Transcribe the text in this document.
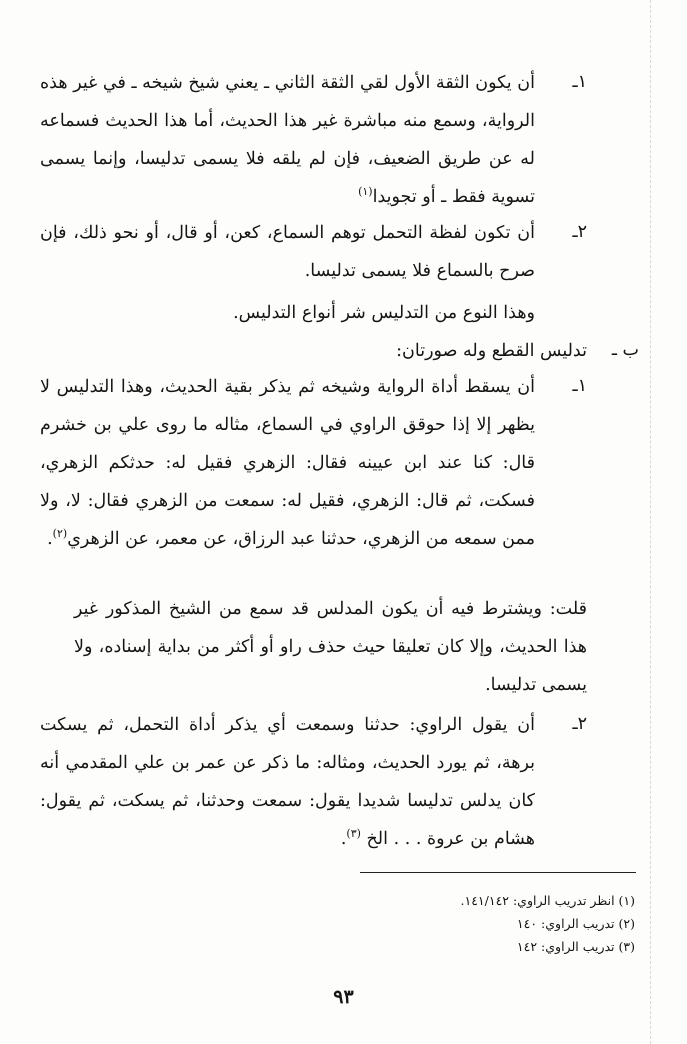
١ـ
أن يكون الثقة الأول لقي الثقة الثاني ـ يعني شيخ شيخه ـ في غير هذه الرواية، وسمع منه مباشرة غير هذا الحديث، أما هذا الحديث فسماعه له عن طريق الضعيف، فإن لم يلقه فلا يسمى تدليسا، وإنما يسمى تسوية فقط ـ أو تجويدا$^{(١)}$
٢ـ
أن تكون لفظة التحمل توهم السماع، كعن، أو قال، أو نحو ذلك، فإن صرح بالسماع فلا يسمى تدليسا.
وهذا النوع من التدليس شر أنواع التدليس.
ب ـ
تدليس القطع وله صورتان:
١ـ
أن يسقط أداة الرواية وشيخه ثم يذكر بقية الحديث، وهذا التدليس لا يظهر إلا إذا حوقق الراوي في السماع، مثاله ما روى علي بن خشرم قال: كنا عند ابن عيينه فقال: الزهري فقيل له: حدثكم الزهري، فسكت، ثم قال: الزهري، فقيل له: سمعت من الزهري فقال: لا، ولا ممن سمعه من الزهري، حدثنا عبد الرزاق، عن معمر، عن الزهري$^{(٢)}$.
قلت: ويشترط فيه أن يكون المدلس قد سمع من الشيخ المذكور غير هذا الحديث، وإلا كان تعليقا حيث حذف راو أو أكثر من بداية إسناده، ولا يسمى تدليسا.
٢ـ
أن يقول الراوي: حدثنا وسمعت أي يذكر أداة التحمل، ثم يسكت برهة، ثم يورد الحديث، ومثاله: ما ذكر عن عمر بن علي المقدمي أنه كان يدلس تدليسا شديدا يقول: سمعت وحدثنا، ثم يسكت، ثم يقول: هشام بن عروة . . . الخ $^{(٣)}$.
(١) انظر تدريب الراوي: ١٤١/١٤٢.
(٢) تدريب الراوي: ١٤٠
(٣) تدريب الراوي: ١٤٢
٩٣
